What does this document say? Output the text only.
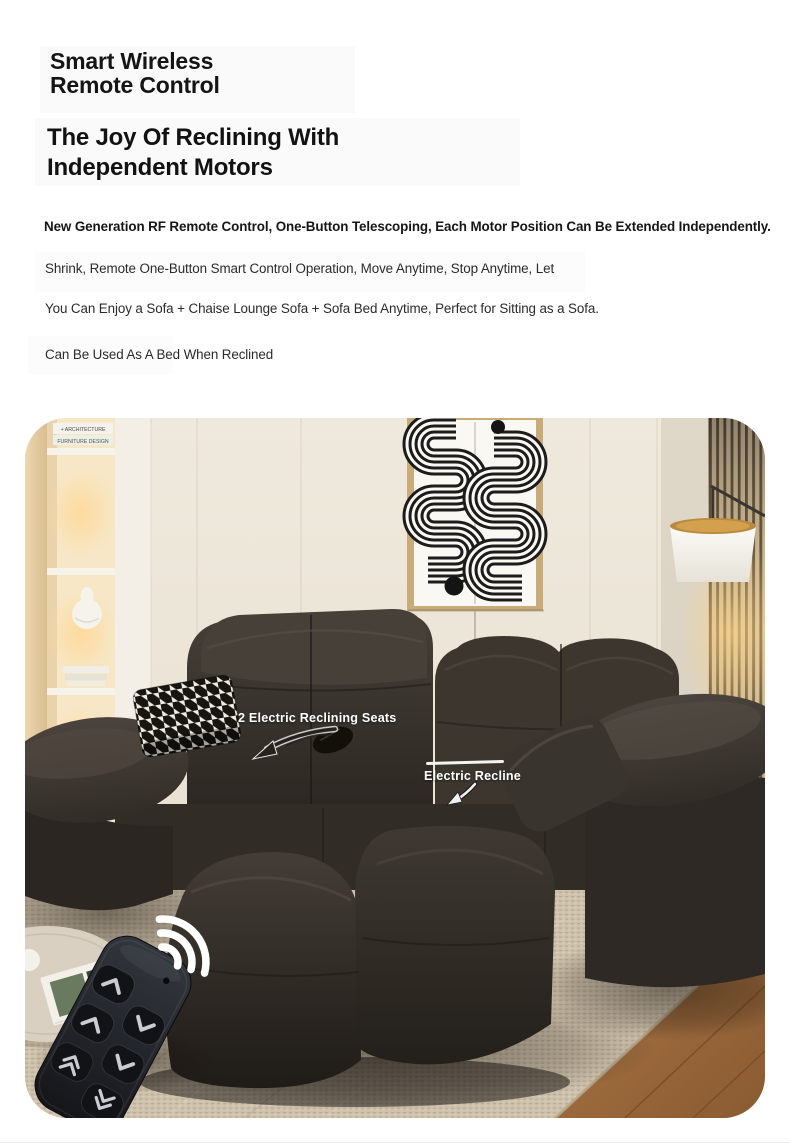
Smart Wireless
Remote Control
The Joy Of Reclining With
Independent Motors
New Generation RF Remote Control, One-Button Telescoping, Each Motor Position Can Be Extended Independently.
Shrink, Remote One-Button Smart Control Operation, Move Anytime, Stop Anytime, Let
You Can Enjoy a Sofa + Chaise Lounge Sofa + Sofa Bed Anytime, Perfect for Sitting as a Sofa.
Can Be Used As A Bed When Reclined
+ ARCHITECTURE
FURNITURE DESIGN
2 Electric Reclining Seats
Electric Recline
